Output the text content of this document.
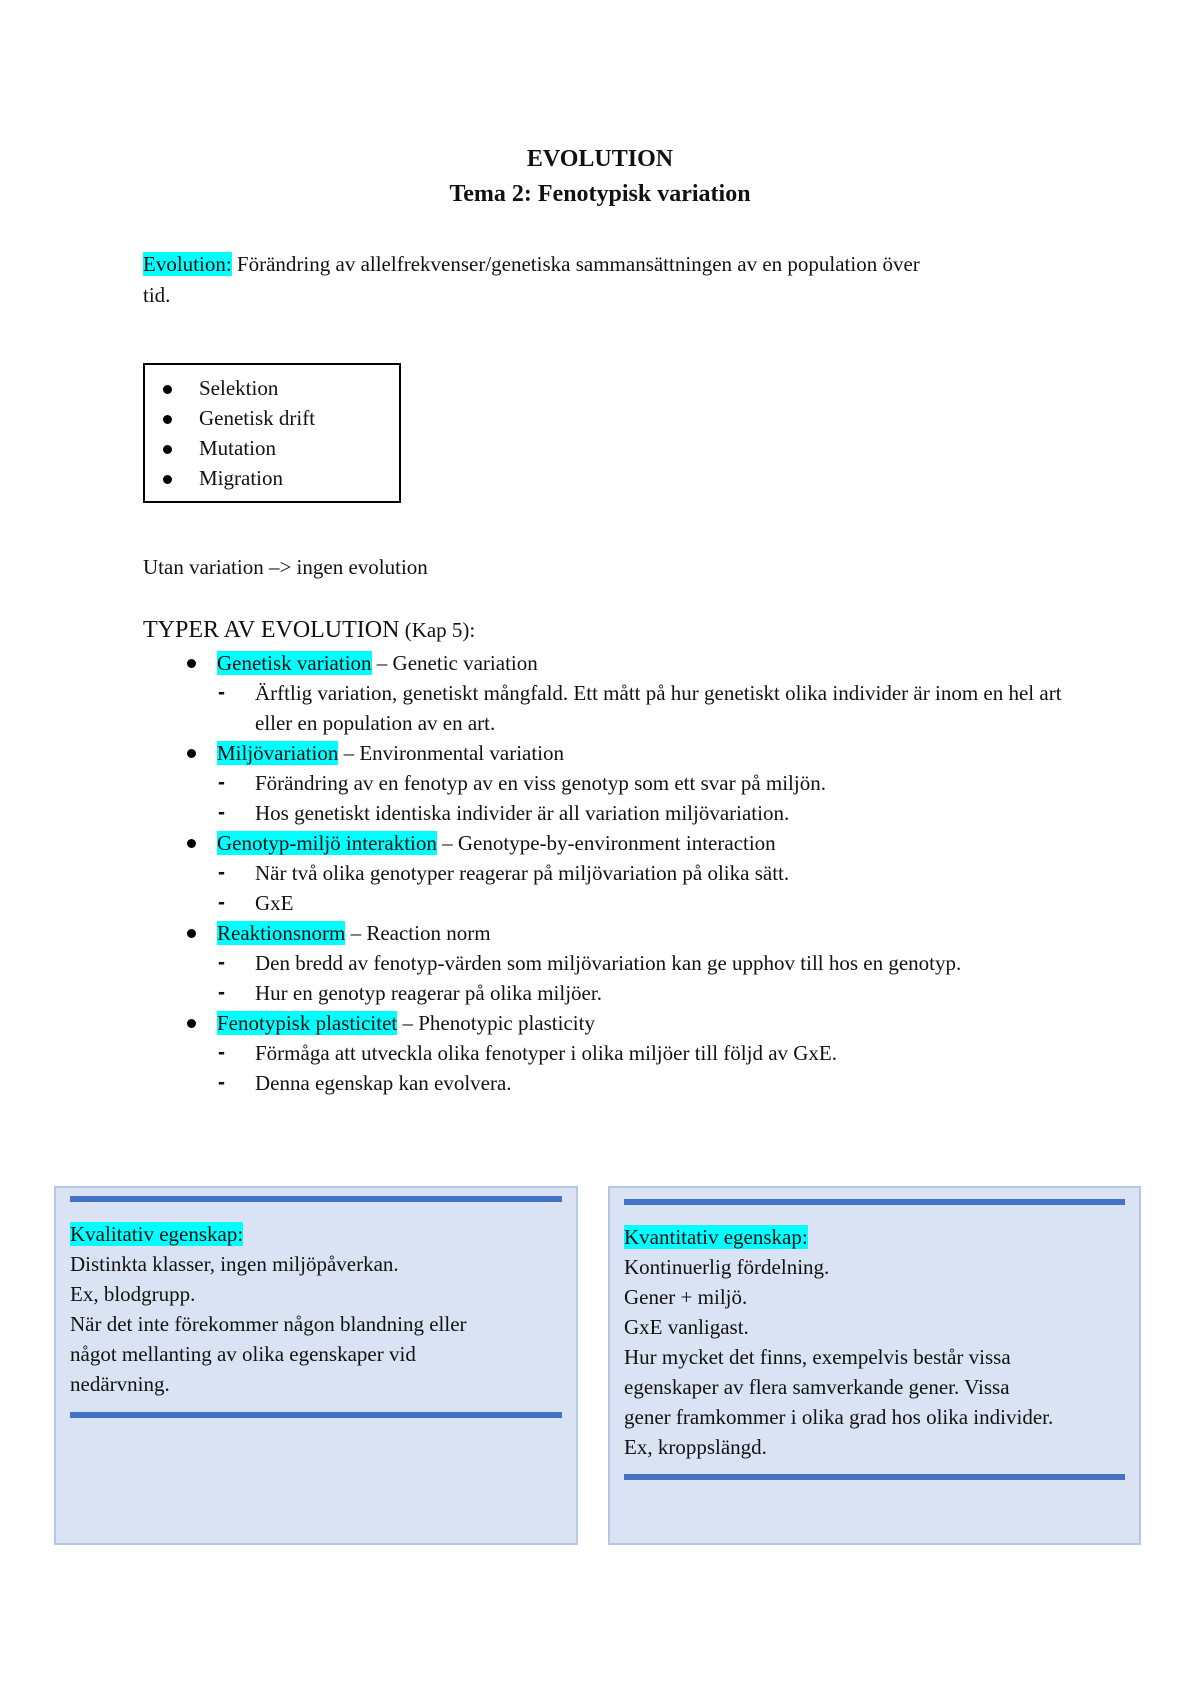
EVOLUTION
Tema 2: Fenotypisk variation
Evolution: Förändring av allelfrekvenser/genetiska sammansättningen av en population över
tid.
Selektion
Genetisk drift
Mutation
Migration
Utan variation –> ingen evolution
TYPER AV EVOLUTION (Kap 5):
Genetisk variation – Genetic variation
- Ärftlig variation, genetiskt mångfald. Ett mått på hur genetiskt olika individer är inom en hel art eller en population av en art.
Miljövariation – Environmental variation
- Förändring av en fenotyp av en viss genotyp som ett svar på miljön.
- Hos genetiskt identiska individer är all variation miljövariation.
Genotyp-miljö interaktion – Genotype-by-environment interaction
- När två olika genotyper reagerar på miljövariation på olika sätt.
- GxE
Reaktionsnorm – Reaction norm
- Den bredd av fenotyp-värden som miljövariation kan ge upphov till hos en genotyp.
- Hur en genotyp reagerar på olika miljöer.
Fenotypisk plasticitet – Phenotypic plasticity
- Förmåga att utveckla olika fenotyper i olika miljöer till följd av GxE.
- Denna egenskap kan evolvera.
Kvalitativ egenskap:
Distinkta klasser, ingen miljöpåverkan.
Ex, blodgrupp.
När det inte förekommer någon blandning eller
något mellanting av olika egenskaper vid
nedärvning.
Kvantitativ egenskap:
Kontinuerlig fördelning.
Gener + miljö.
GxE vanligast.
Hur mycket det finns, exempelvis består vissa
egenskaper av flera samverkande gener. Vissa
gener framkommer i olika grad hos olika individer.
Ex, kroppslängd.
